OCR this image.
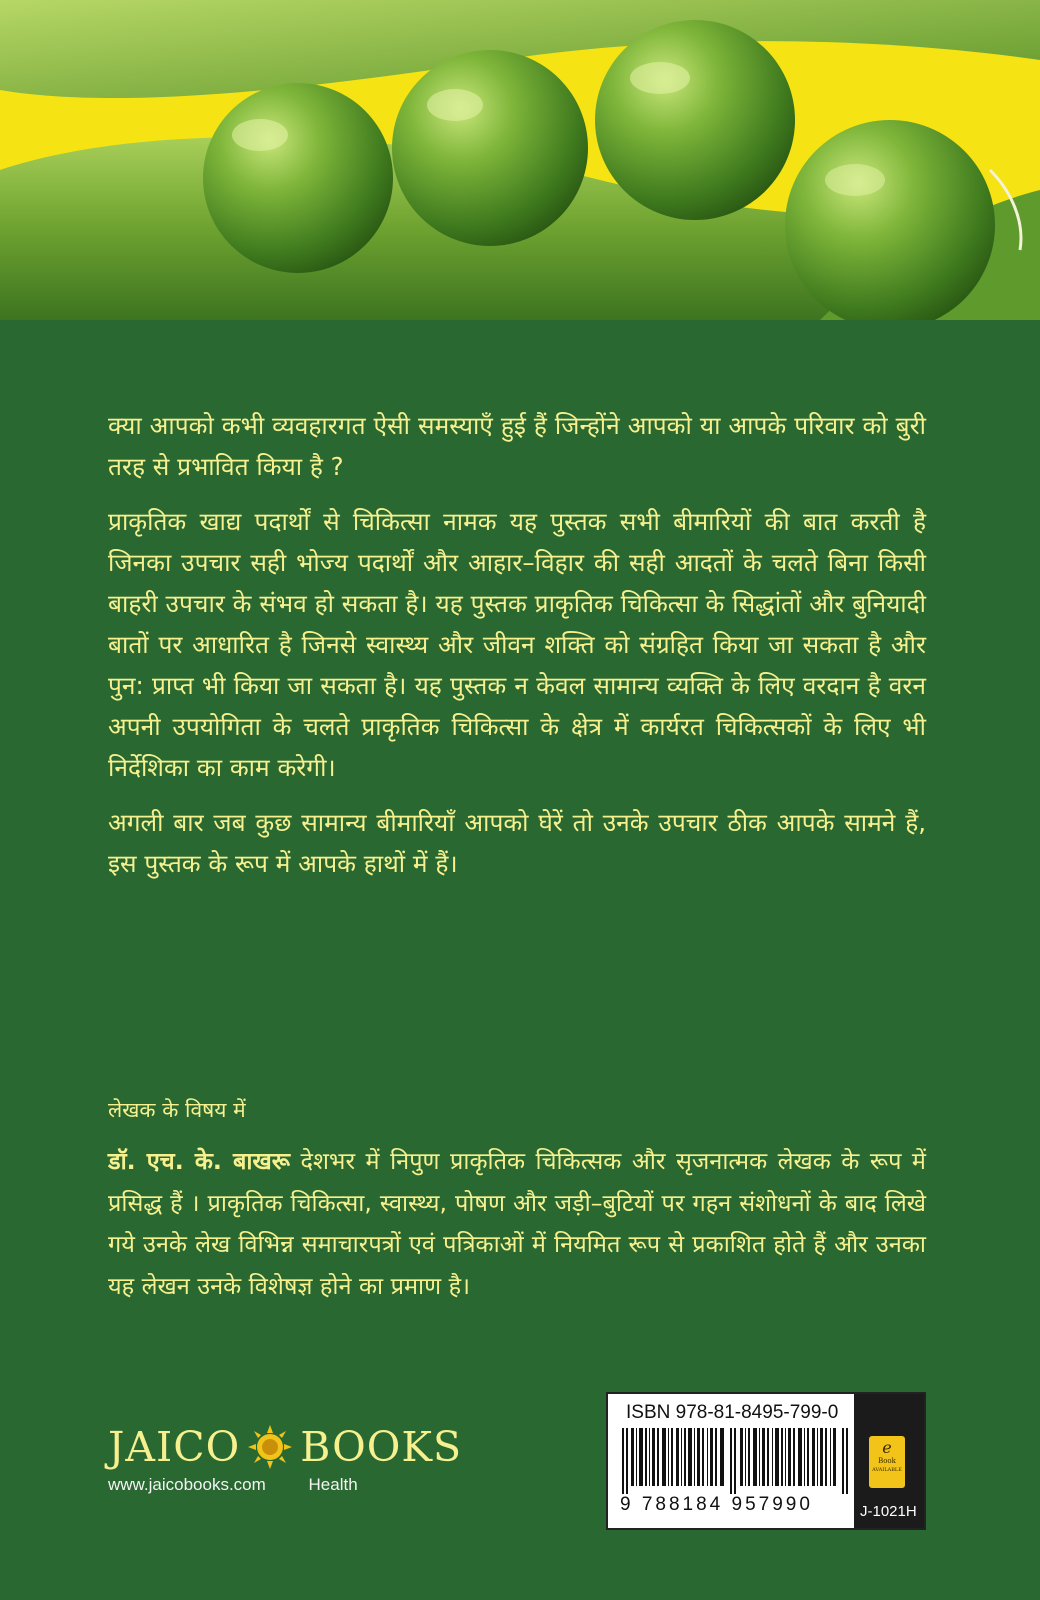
क्या आपको कभी व्यवहारगत ऐसी समस्याएँ हुई हैं जिन्होंने आपको या आपके परिवार को बुरी तरह से प्रभावित किया है ?

प्राकृतिक खाद्य पदार्थों से चिकित्सा नामक यह पुस्तक सभी बीमारियों की बात करती है जिनका उपचार सही भोज्य पदार्थों और आहार–विहार की सही आदतों के चलते बिना किसी बाहरी उपचार के संभव हो सकता है। यह पुस्तक प्राकृतिक चिकित्सा के सिद्धांतों और बुनियादी बातों पर आधारित है जिनसे स्वास्थ्य और जीवन शक्ति को संग्रहित किया जा सकता है और पुन: प्राप्त भी किया जा सकता है। यह पुस्तक न केवल सामान्य व्यक्ति के लिए वरदान है वरन अपनी उपयोगिता के चलते प्राकृतिक चिकित्सा के क्षेत्र में कार्यरत चिकित्सकों के लिए भी निर्देशिका का काम करेगी।

अगली बार जब कुछ सामान्य बीमारियाँ आपको घेरें तो उनके उपचार ठीक आपके सामने हैं, इस पुस्तक के रूप में आपके हाथों में हैं।

लेखक के विषय में
डॉ. एच. के. बाखरू देशभर में निपुण प्राकृतिक चिकित्सक और सृजनात्मक लेखक के रूप में प्रसिद्ध हैं । प्राकृतिक चिकित्सा, स्वास्थ्य, पोषण और जड़ी–बुटियों पर गहन संशोधनों के बाद लिखे गये उनके लेख विभिन्न समाचारपत्रों एवं पत्रिकाओं में नियमित रूप से प्रकाशित होते हैं और उनका यह लेखन उनके विशेषज्ञ होने का प्रमाण है।
JAICO BOOKS
www.jaicobooks.com	Health
ISBN 978-81-8495-799-0
9 788184 957990
e
Book
AVAILABLE
J-1021H
